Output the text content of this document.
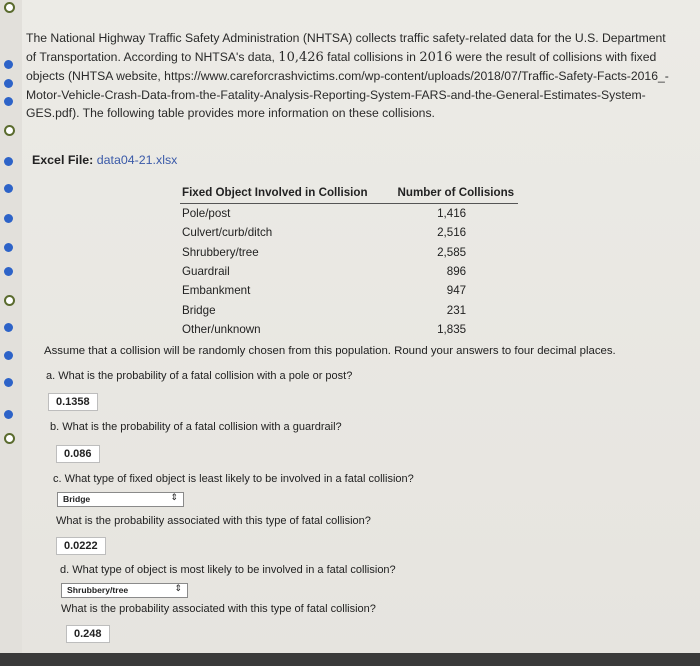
The National Highway Traffic Safety Administration (NHTSA) collects traffic safety-related data for the U.S. Department
of Transportation. According to NHTSA's data, 10,426 fatal collisions in 2016 were the result of collisions with fixed
objects (NHTSA website, https://www.careforcrashvictims.com/wp-content/uploads/2018/07/Traffic-Safety-Facts-2016_-
Motor-Vehicle-Crash-Data-from-the-Fatality-Analysis-Reporting-System-FARS-and-the-General-Estimates-System-
GES.pdf). The following table provides more information on these collisions.
Excel File: data04-21.xlsx
Fixed Object Involved in Collision	Number of Collisions
Pole/post	1,416
Culvert/curb/ditch	2,516
Shrubbery/tree	2,585
Guardrail	896
Embankment	947
Bridge	231
Other/unknown	1,835
Assume that a collision will be randomly chosen from this population. Round your answers to four decimal places.
a. What is the probability of a fatal collision with a pole or post?
0.1358
b. What is the probability of a fatal collision with a guardrail?
0.086
c. What type of fixed object is least likely to be involved in a fatal collision?
Bridge	⇕
What is the probability associated with this type of fatal collision?
0.0222
d. What type of object is most likely to be involved in a fatal collision?
Shrubbery/tree	⇕
What is the probability associated with this type of fatal collision?
0.248
